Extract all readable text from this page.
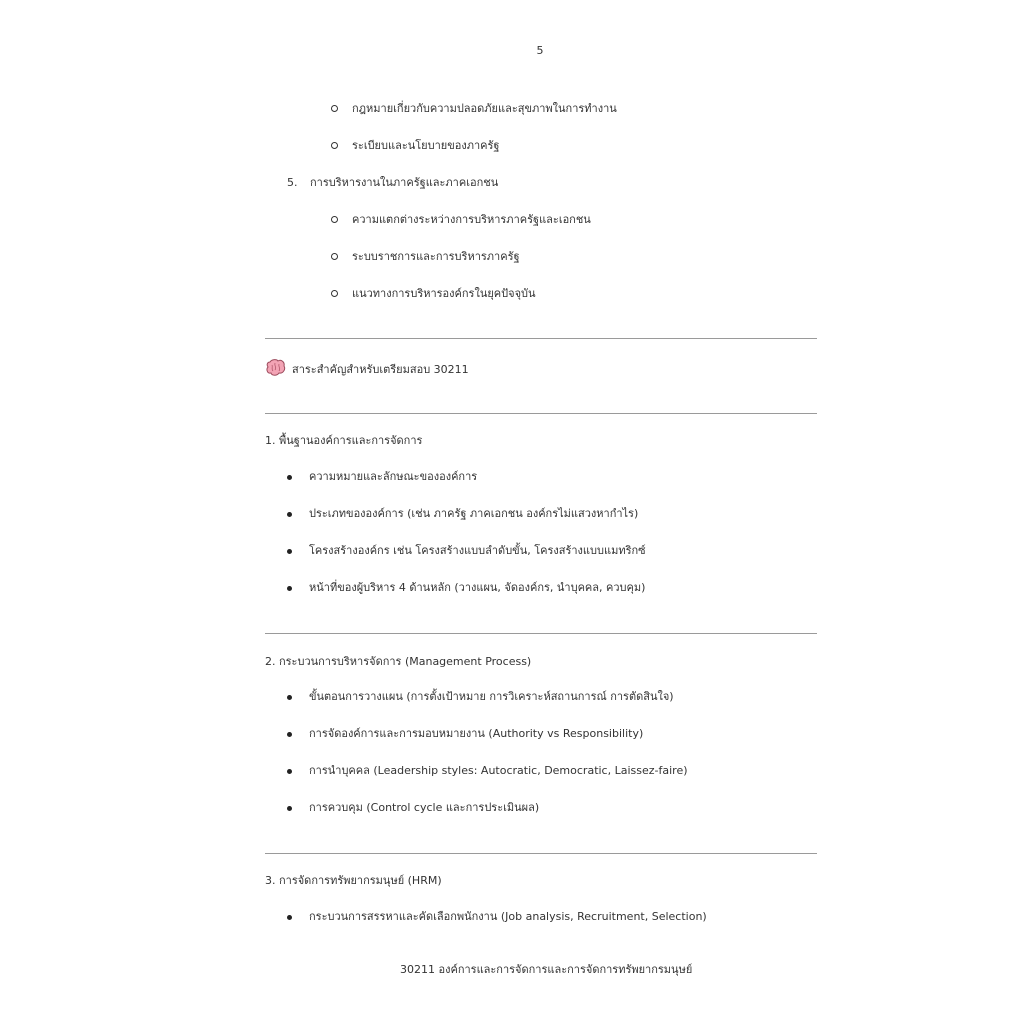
5
กฎหมายเกี่ยวกับความปลอดภัยและสุขภาพในการทำงาน
ระเบียบและนโยบายของภาครัฐ
5. การบริหารงานในภาครัฐและภาคเอกชน
ความแตกต่างระหว่างการบริหารภาครัฐและเอกชน
ระบบราชการและการบริหารภาครัฐ
แนวทางการบริหารองค์กรในยุคปัจจุบัน
สาระสำคัญสำหรับเตรียมสอบ 30211
1. พื้นฐานองค์การและการจัดการ
ความหมายและลักษณะขององค์การ
ประเภทขององค์การ (เช่น ภาครัฐ ภาคเอกชน องค์กรไม่แสวงหากำไร)
โครงสร้างองค์กร เช่น โครงสร้างแบบลำดับขั้น, โครงสร้างแบบแมทริกซ์
หน้าที่ของผู้บริหาร 4 ด้านหลัก (วางแผน, จัดองค์กร, นำบุคคล, ควบคุม)
2. กระบวนการบริหารจัดการ (Management Process)
ขั้นตอนการวางแผน (การตั้งเป้าหมาย การวิเคราะห์สถานการณ์ การตัดสินใจ)
การจัดองค์การและการมอบหมายงาน (Authority vs Responsibility)
การนำบุคคล (Leadership styles: Autocratic, Democratic, Laissez-faire)
การควบคุม (Control cycle และการประเมินผล)
3. การจัดการทรัพยากรมนุษย์ (HRM)
กระบวนการสรรหาและคัดเลือกพนักงาน (Job analysis, Recruitment, Selection)
30211 องค์การและการจัดการและการจัดการทรัพยากรมนุษย์
